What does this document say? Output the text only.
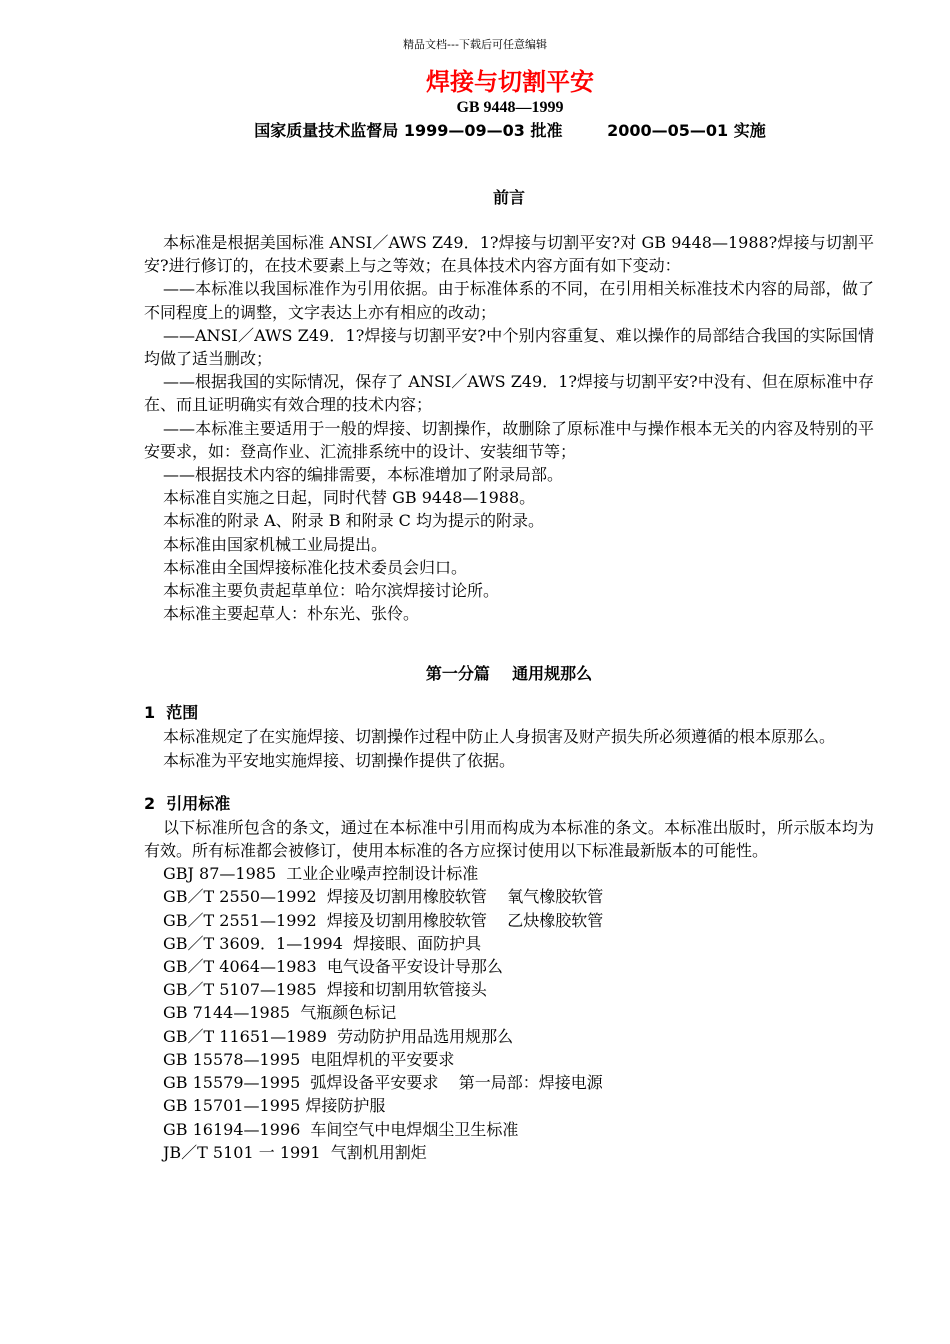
精品文档---下载后可任意编辑
焊接与切割平安
GB 9448—1999
国家质量技术监督局 1999—09—03 批准        2000—05—01 实施
前言

本标准是根据美国标准 ANSI／AWS Z49．1?焊接与切割平安?对 GB 9448—1988?焊接与切割平安?进行修订的，在技术要素上与之等效；在具体技术内容方面有如下变动：

——本标准以我国标准作为引用依据。由于标准体系的不同，在引用相关标准技术内容的局部，做了不同程度上的调整，文字表达上亦有相应的改动；

——ANSI／AWS Z49．1?焊接与切割平安?中个别内容重复、难以操作的局部结合我国的实际国情均做了适当删改；

——根据我国的实际情况，保存了 ANSI／AWS Z49．1?焊接与切割平安?中没有、但在原标准中存在、而且证明确实有效合理的技术内容；

——本标准主要适用于一般的焊接、切割操作，故删除了原标准中与操作根本无关的内容及特别的平安要求，如：登高作业、汇流排系统中的设计、安装细节等；

——根据技术内容的编排需要，本标准增加了附录局部。

本标准自实施之日起，同时代替 GB 9448—1988。

本标准的附录 A、附录 B 和附录 C 均为提示的附录。

本标准由国家机械工业局提出。

本标准由全国焊接标准化技术委员会归口。

本标准主要负责起草单位：哈尔滨焊接讨论所。

本标准主要起草人：朴东光、张伶。

第一分篇    通用规那么
1  范围

本标准规定了在实施焊接、切割操作过程中防止人身损害及财产损失所必须遵循的根本原那么。

本标准为平安地实施焊接、切割操作提供了依据。

2  引用标准

以下标准所包含的条文，通过在本标准中引用而构成为本标准的条文。本标准出版时，所示版本均为有效。所有标准都会被修订，使用本标准的各方应探讨使用以下标准最新版本的可能性。

GBJ 87—1985  工业企业噪声控制设计标准
GB／T 2550—1992  焊接及切割用橡胶软管    氧气橡胶软管
GB／T 2551—1992  焊接及切割用橡胶软管    乙炔橡胶软管
GB／T 3609．1—1994  焊接眼、面防护具
GB／T 4064—1983  电气设备平安设计导那么
GB／T 5107—1985  焊接和切割用软管接头
GB 7144—1985  气瓶颜色标记
GB／T 11651—1989  劳动防护用品选用规那么
GB 15578—1995  电阻焊机的平安要求
GB 15579—1995  弧焊设备平安要求    第一局部：焊接电源
GB 15701—1995 焊接防护服
GB 16194—1996  车间空气中电焊烟尘卫生标准
JB／T 5101 一 1991  气割机用割炬
